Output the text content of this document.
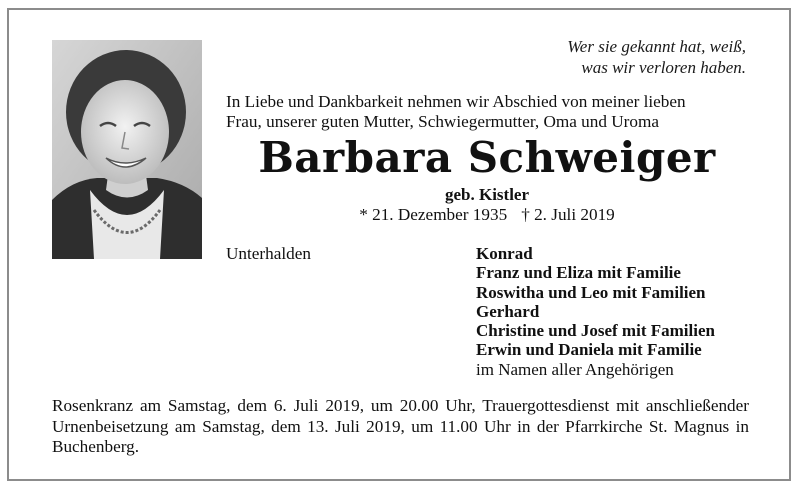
Wer sie gekannt hat, weiß,
was wir verloren haben.
In Liebe und Dankbarkeit nehmen wir Abschied von meiner lieben
Frau, unserer guten Mutter, Schwiegermutter, Oma und Uroma
Barbara Schweiger
geb. Kistler
* 21. Dezember 1935 † 2. Juli 2019
Unterhalden	Konrad
Franz und Eliza mit Familie
Roswitha und Leo mit Familien
Gerhard
Christine und Josef mit Familien
Erwin und Daniela mit Familie
im Namen aller Angehörigen
Rosenkranz am Samstag, dem 6. Juli 2019, um 20.00 Uhr, Trauergottesdienst mit anschließender Urnenbeisetzung am Samstag, dem 13. Juli 2019, um 11.00 Uhr in der Pfarrkirche St. Magnus in Buchenberg.
